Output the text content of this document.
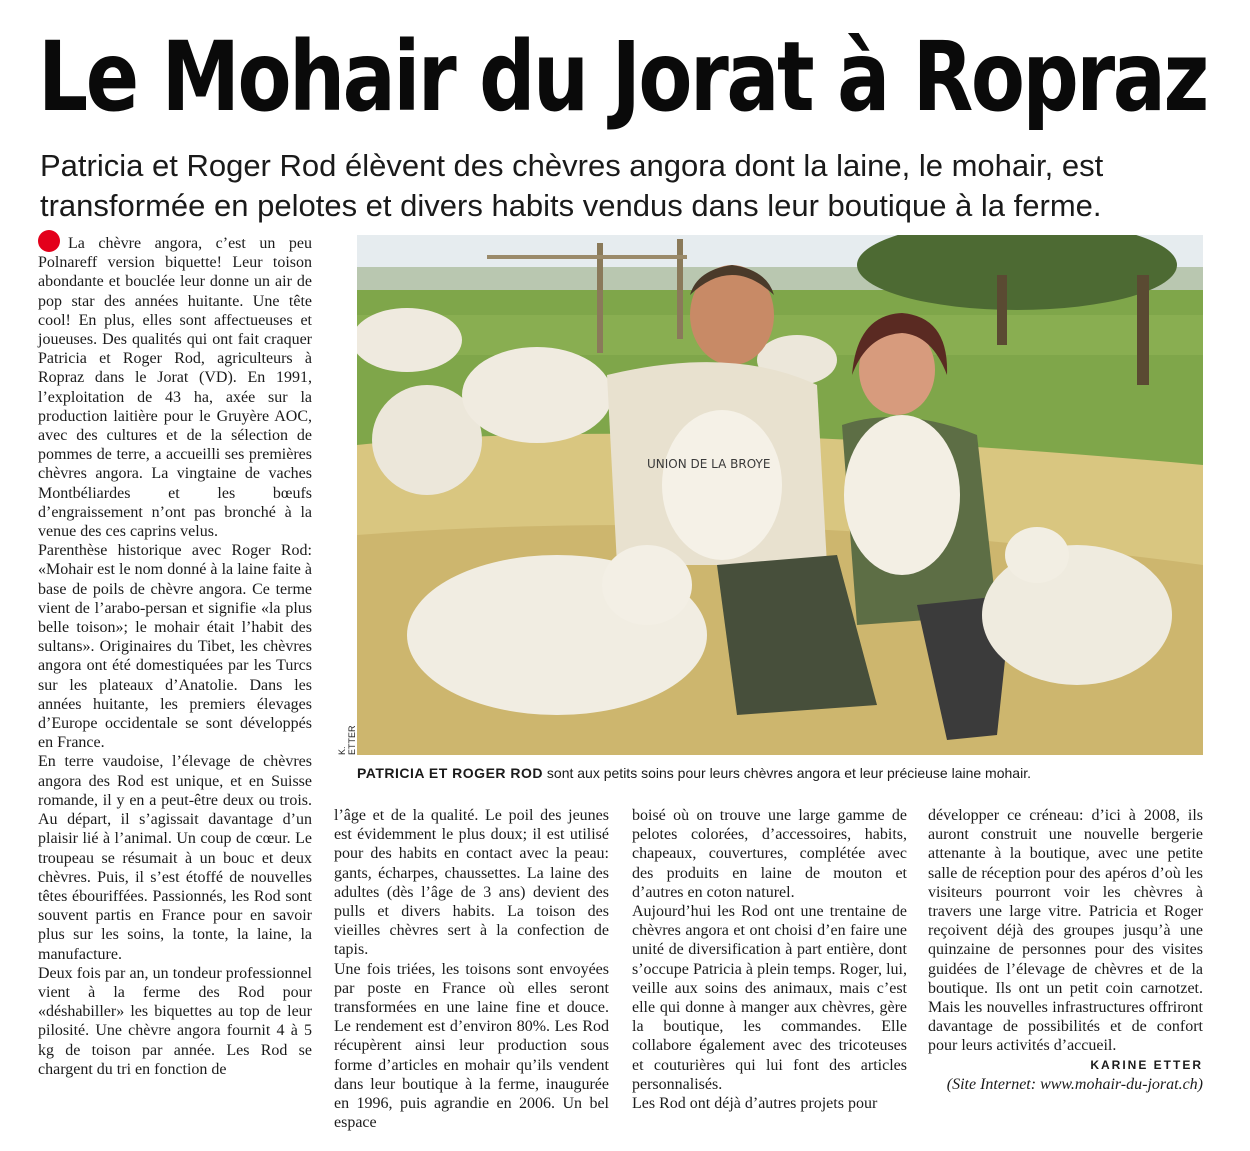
Le Mohair du Jorat à Ropraz

Patricia et Roger Rod élèvent des chèvres angora dont la laine, le mohair, est transformée en pelotes et divers habits vendus dans leur boutique à la ferme.

La chèvre angora, c’est un peu Polnareff version biquette! Leur toison abondante et bouclée leur donne un air de pop star des années huitante. Une tête cool! En plus, elles sont affectueuses et joueuses. Des qualités qui ont fait craquer Patricia et Roger Rod, agriculteurs à Ropraz dans le Jorat (VD). En 1991, l’exploitation de 43 ha, axée sur la production laitière pour le Gruyère AOC, avec des cultures et de la sélection de pommes de terre, a accueilli ses premières chèvres angora. La vingtaine de vaches Montbéliardes et les bœufs d’engraissement n’ont pas bronché à la venue des ces caprins velus.

Parenthèse historique avec Roger Rod: «Mohair est le nom donné à la laine faite à base de poils de chèvre angora. Ce terme vient de l’arabo-persan et signifie «la plus belle toison»; le mohair était l’habit des sultans». Originaires du Tibet, les chèvres angora ont été domestiquées par les Turcs sur les plateaux d’Anatolie. Dans les années huitante, les premiers élevages d’Europe occidentale se sont développés en France.

En terre vaudoise, l’élevage de chèvres angora des Rod est unique, et en Suisse romande, il y en a peut-être deux ou trois. Au départ, il s’agissait davantage d’un plaisir lié à l’animal. Un coup de cœur. Le troupeau se résumait à un bouc et deux chèvres. Puis, il s’est étoffé de nouvelles têtes ébouriffées. Passionnés, les Rod sont souvent partis en France pour en savoir plus sur les soins, la tonte, la laine, la manufacture.

Deux fois par an, un tondeur professionnel vient à la ferme des Rod pour «déshabiller» les biquettes au top de leur pilosité. Une chèvre angora fournit 4 à 5 kg de toison par année. Les Rod se chargent du tri en fonction de

UNION DE LA BROYE
K. ETTER
PATRICIA ET ROGER ROD sont aux petits soins pour leurs chèvres angora et leur précieuse laine mohair.

l’âge et de la qualité. Le poil des jeunes est évidemment le plus doux; il est utilisé pour des habits en contact avec la peau: gants, écharpes, chaussettes. La laine des adultes (dès l’âge de 3 ans) devient des pulls et divers habits. La toison des vieilles chèvres sert à la confection de tapis.

Une fois triées, les toisons sont envoyées par poste en France où elles seront transformées en une laine fine et douce. Le rendement est d’environ 80%. Les Rod récupèrent ainsi leur production sous forme d’articles en mohair qu’ils vendent dans leur boutique à la ferme, inaugurée en 1996, puis agrandie en 2006. Un bel espace

boisé où on trouve une large gamme de pelotes colorées, d’accessoires, habits, chapeaux, couvertures, complétée avec des produits en laine de mouton et d’autres en coton naturel.

Aujourd’hui les Rod ont une trentaine de chèvres angora et ont choisi d’en faire une unité de diversification à part entière, dont s’occupe Patricia à plein temps. Roger, lui, veille aux soins des animaux, mais c’est elle qui donne à manger aux chèvres, gère la boutique, les commandes. Elle collabore également avec des tricoteuses et couturières qui lui font des articles personnalisés.

Les Rod ont déjà d’autres projets pour

développer ce créneau: d’ici à 2008, ils auront construit une nouvelle bergerie attenante à la boutique, avec une petite salle de réception pour des apéros d’où les visiteurs pourront voir les chèvres à travers une large vitre. Patricia et Roger reçoivent déjà des groupes jusqu’à une quinzaine de personnes pour des visites guidées de l’élevage de chèvres et de la boutique. Ils ont un petit coin carnotzet. Mais les nouvelles infrastructures offriront davantage de possibilités et de confort pour leurs activités d’accueil.

KARINE ETTER

(Site Internet: www.mohair-du-jorat.ch)
